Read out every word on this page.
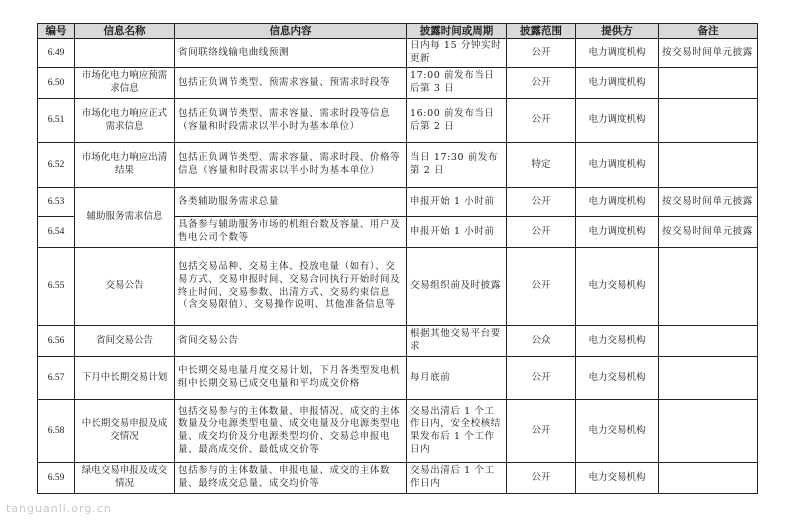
编号	信息名称	信息内容	披露时间或周期	披露范围	提供方	备注
6.49		省间联络线输电曲线预测	日内每 15 分钟实时更新	公开	电力调度机构	按交易时间单元披露
6.50	市场化电力响应预需求信息	包括正负调节类型、预需求容量、预需求时段等	17:00 前发布当日后第 3 日	公开	电力调度机构	
6.51	市场化电力响应正式需求信息	包括正负调节类型、需求容量、需求时段等信息（容量和时段需求以半小时为基本单位）	16:00 前发布当日后第 2 日	公开	电力调度机构	
6.52	市场化电力响应出清结果	包括正负调节类型、需求容量、需求时段、价格等信息（容量和时段需求以半小时为基本单位）	当日 17:30 前发布第 2 日	特定	电力调度机构	
6.53	辅助服务需求信息	各类辅助服务需求总量	申报开始 1 小时前	公开	电力调度机构	按交易时间单元披露
6.54		具备参与辅助服务市场的机组台数及容量、用户及售电公司个数等	申报开始 1 小时前	公开	电力调度机构	按交易时间单元披露
6.55	交易公告	包括交易品种、交易主体、投放电量（如有）、交易方式、交易申报时间、交易合同执行开始时间及终止时间、交易参数、出清方式、交易约束信息（含交易限值）、交易操作说明、其他准备信息等	交易组织前及时披露	公开	电力交易机构	
6.56	省间交易公告	省间交易公告	根据其他交易平台要求	公众	电力交易机构	
6.57	下月中长期交易计划	中长期交易电量月度交易计划，下月各类型发电机组中长期交易已成交电量和平均成交价格	每月底前	公开	电力交易机构	
6.58	中长期交易申报及成交情况	包括交易参与的主体数量、申报情况、成交的主体数量及分电源类型电量、成交电量及分电源类型电量、成交均价及分电源类型均价、交易总申报电量、最高成交价、最低成交价等	交易出清后 1 个工作日内，安全校核结果发布后 1 个工作日内	公开	电力交易机构	
6.59	绿电交易申报及成交情况	包括参与的主体数量、申报电量、成交的主体数量、最终成交总量、成交均价等	交易出清后 1 个工作日内	公开	电力交易机构	
tanguanli.org.cn
